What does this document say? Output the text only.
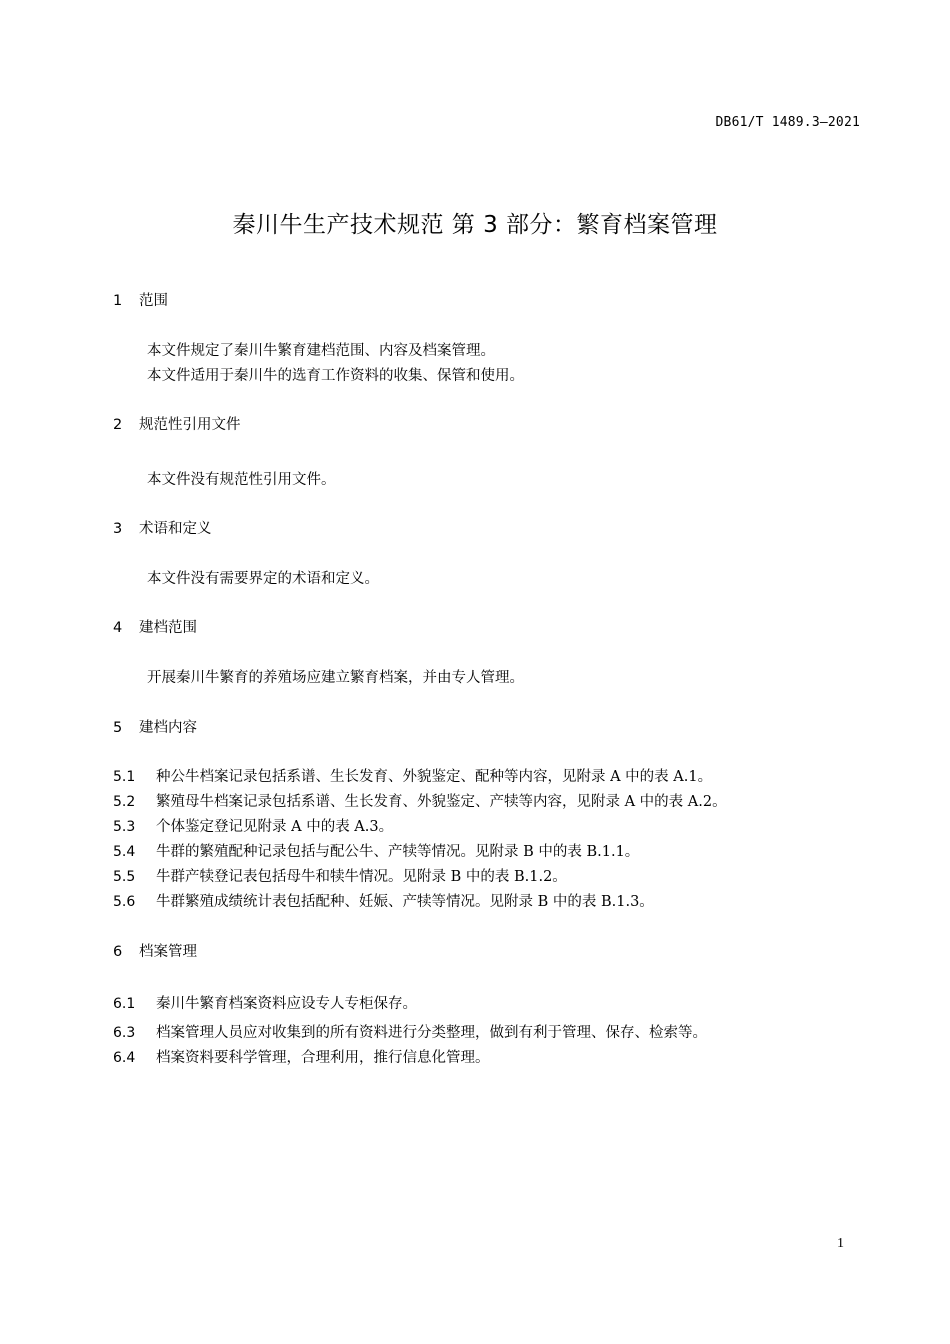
DB61/T 1489.3—2021
秦川牛生产技术规范 第 3 部分：繁育档案管理
1 范围
本文件规定了秦川牛繁育建档范围、内容及档案管理。
本文件适用于秦川牛的选育工作资料的收集、保管和使用。
2 规范性引用文件
本文件没有规范性引用文件。
3 术语和定义
本文件没有需要界定的术语和定义。
4 建档范围
开展秦川牛繁育的养殖场应建立繁育档案，并由专人管理。
5 建档内容
5.1 种公牛档案记录包括系谱、生长发育、外貌鉴定、配种等内容，见附录 A 中的表 A.1。
5.2 繁殖母牛档案记录包括系谱、生长发育、外貌鉴定、产犊等内容，见附录 A 中的表 A.2。
5.3 个体鉴定登记见附录 A 中的表 A.3。
5.4 牛群的繁殖配种记录包括与配公牛、产犊等情况。见附录 B 中的表 B.1.1。
5.5 牛群产犊登记表包括母牛和犊牛情况。见附录 B 中的表 B.1.2。
5.6 牛群繁殖成绩统计表包括配种、妊娠、产犊等情况。见附录 B 中的表 B.1.3。
6 档案管理
6.1 秦川牛繁育档案资料应设专人专柜保存。
6.3 档案管理人员应对收集到的所有资料进行分类整理，做到有利于管理、保存、检索等。
6.4 档案资料要科学管理，合理利用，推行信息化管理。
1
